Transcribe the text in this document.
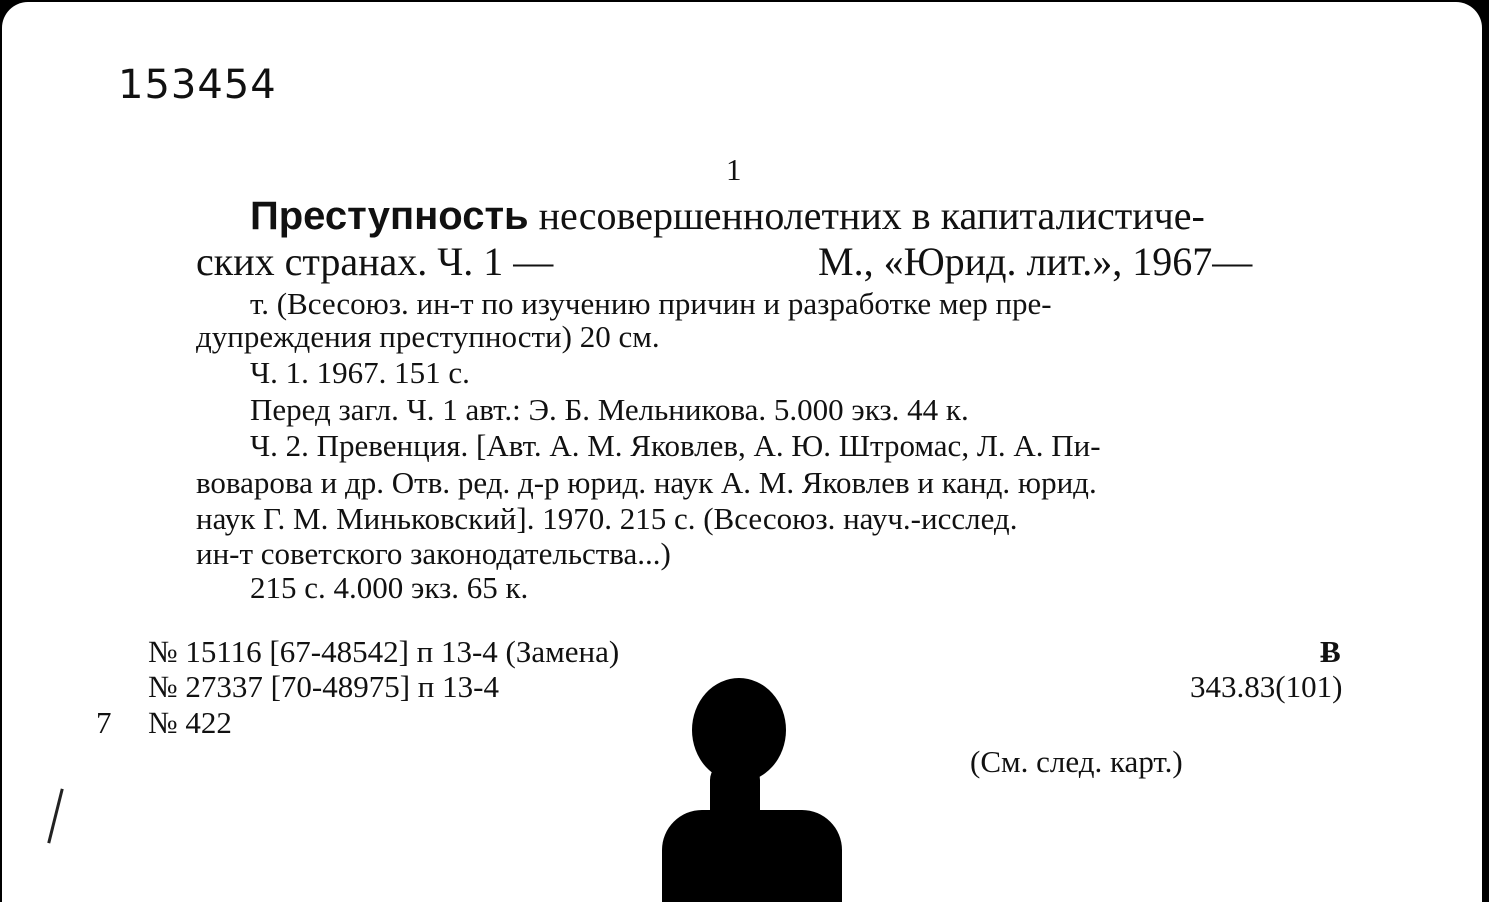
153454
1
Преступность несовершеннолетних в капиталистиче-
ских странах. Ч. 1 —	М., «Юрид. лит.», 1967—
т. (Всесоюз. ин-т по изучению причин и разработке мер пре-
дупреждения преступности) 20 см.
Ч. 1. 1967. 151 с.
Перед загл. Ч. 1 авт.: Э. Б. Мельникова. 5.000 экз. 44 к.
Ч. 2. Превенция. [Авт. А. М. Яковлев, А. Ю. Штромас, Л. А. Пи-
воварова и др. Отв. ред. д-р юрид. наук А. М. Яковлев и канд. юрид.
наук Г. М. Миньковский]. 1970. 215 с. (Всесоюз. науч.-исслед.
ин-т советского законодательства...)
215 с. 4.000 экз. 65 к.
№ 15116 [67-48542] п 13-4 (Замена)
№ 27337 [70-48975] п 13-4
7 № 422
Ƀ
343.83(101)
(См. след. карт.)
